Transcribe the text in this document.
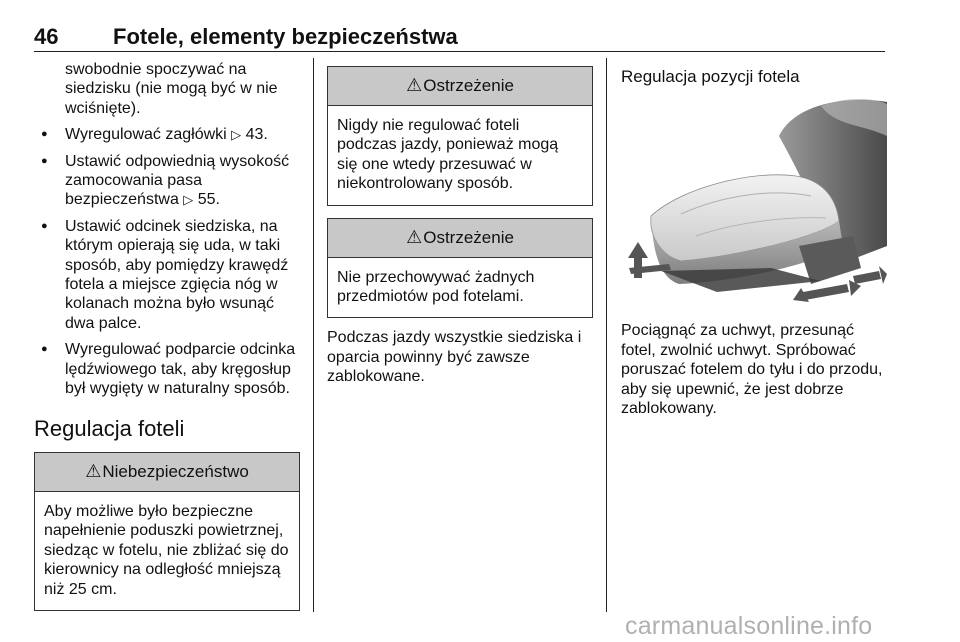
46 Fotele, elementy bezpieczeństwa
swobodnie spoczywać na
siedzisku (nie mogą być w nie
wciśnięte).
● Wyregulować zagłówki ▷ 43.
● Ustawić odpowiednią wysokość
zamocowania pasa
bezpieczeństwa ▷ 55.
● Ustawić odcinek siedziska, na
którym opierają się uda, w taki
sposób, aby pomiędzy krawędź
fotela a miejsce zgięcia nóg w
kolanach można było wsunąć
dwa palce.
● Wyregulować podparcie odcinka
lędźwiowego tak, aby kręgosłup
był wygięty w naturalny sposób.
Regulacja foteli
⚠ Niebezpieczeństwo
Aby możliwe było bezpieczne
napełnienie poduszki powietrznej,
siedząc w fotelu, nie zbliżać się do
kierownicy na odległość mniejszą
niż 25 cm.
⚠ Ostrzeżenie
Nigdy nie regulować foteli
podczas jazdy, ponieważ mogą
się one wtedy przesuwać w
niekontrolowany sposób.
⚠ Ostrzeżenie
Nie przechowywać żadnych
przedmiotów pod fotelami.
Podczas jazdy wszystkie siedziska i
oparcia powinny być zawsze
zablokowane.
Regulacja pozycji fotela
Pociągnąć za uchwyt, przesunąć
fotel, zwolnić uchwyt. Spróbować
poruszać fotelem do tyłu i do przodu,
aby się upewnić, że jest dobrze
zablokowany.
carmanualsonline.info
